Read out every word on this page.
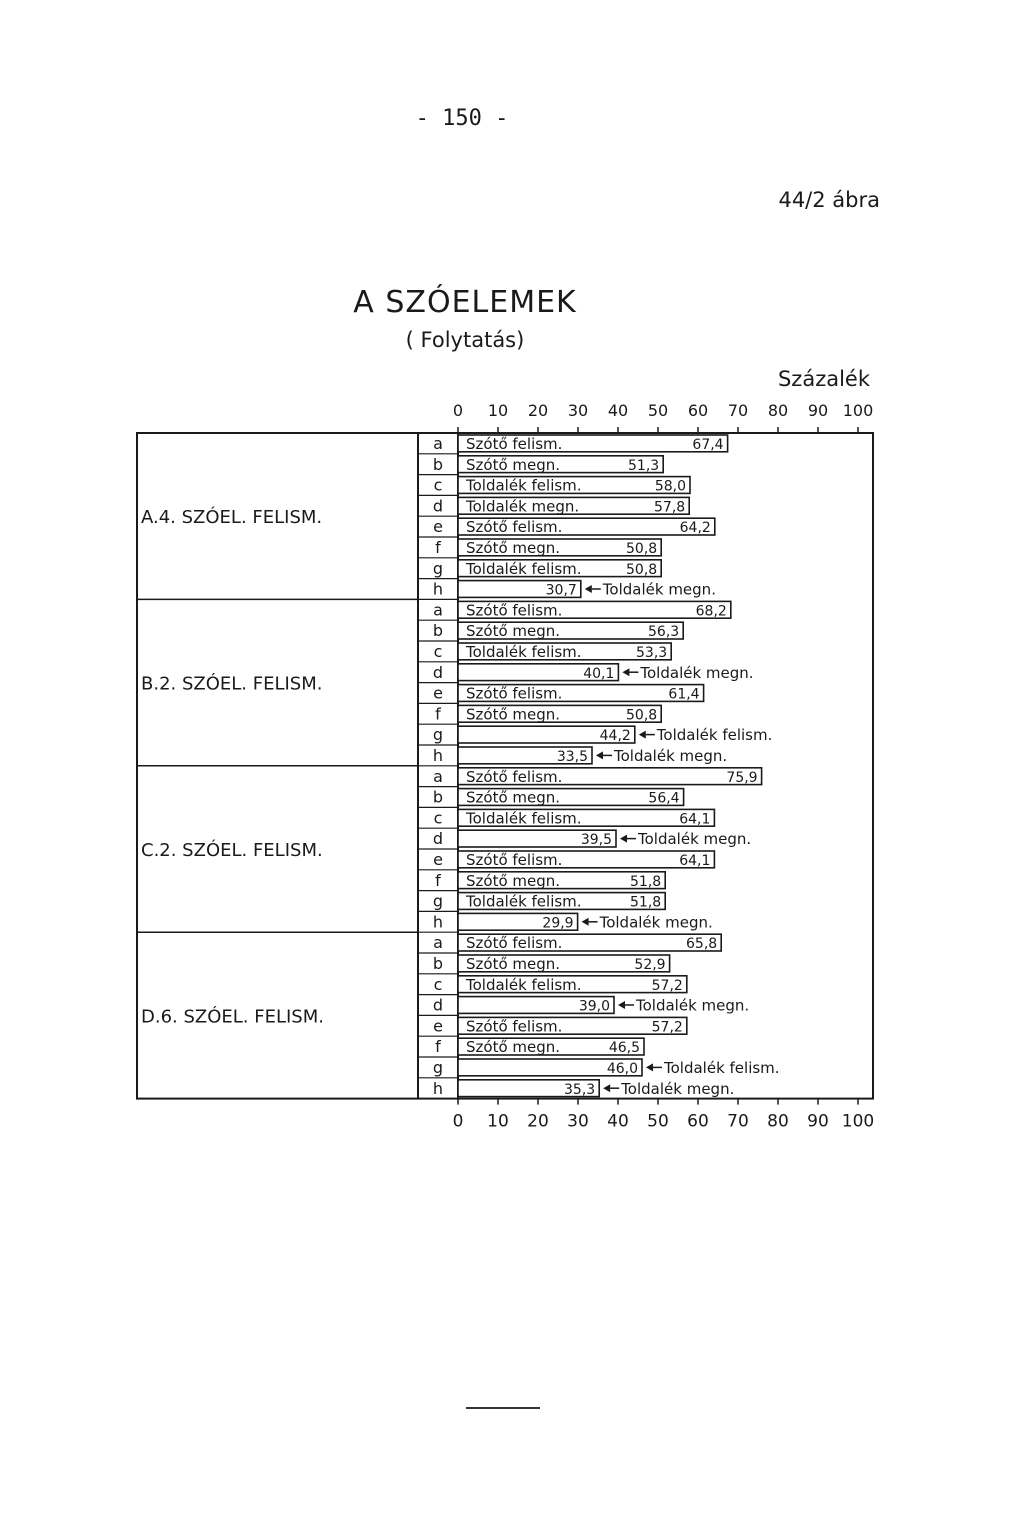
- 150 -
44/2 ábra
A SZÓELEMEK
( Folytatás)
Százalék
0
0
10
10
20
20
30
30
40
40
50
50
60
60
70
70
80
80
90
90
100
100
A.4. SZÓEL. FELISM.
a Szótő felism.	67,4
b Szótő megn.	51,3
c Toldalék felism.	58,0
d Toldalék megn.	57,8
e Szótő felism.	64,2
f Szótő megn.	50,8
g Toldalék felism.	50,8
h	30,7 Toldalék megn.
B.2. SZÓEL. FELISM.
a Szótő felism.	68,2
b Szótő megn.	56,3
c Toldalék felism.	53,3
d	40,1 Toldalék megn.
e Szótő felism.	61,4
f Szótő megn.	50,8
g	44,2 Toldalék felism.
h	33,5 Toldalék megn.
C.2. SZÓEL. FELISM.
a Szótő felism.	75,9
b Szótő megn.	56,4
c Toldalék felism.	64,1
d	39,5 Toldalék megn.
e Szótő felism.	64,1
f Szótő megn.	51,8
g Toldalék felism.	51,8
h	29,9 Toldalék megn.
D.6. SZÓEL. FELISM.
a Szótő felism.	65,8
b Szótő megn.	52,9
c Toldalék felism.	57,2
d	39,0 Toldalék megn.
e Szótő felism.	57,2
f Szótő megn.	46,5
g	46,0 Toldalék felism.
h	35,3 Toldalék megn.
